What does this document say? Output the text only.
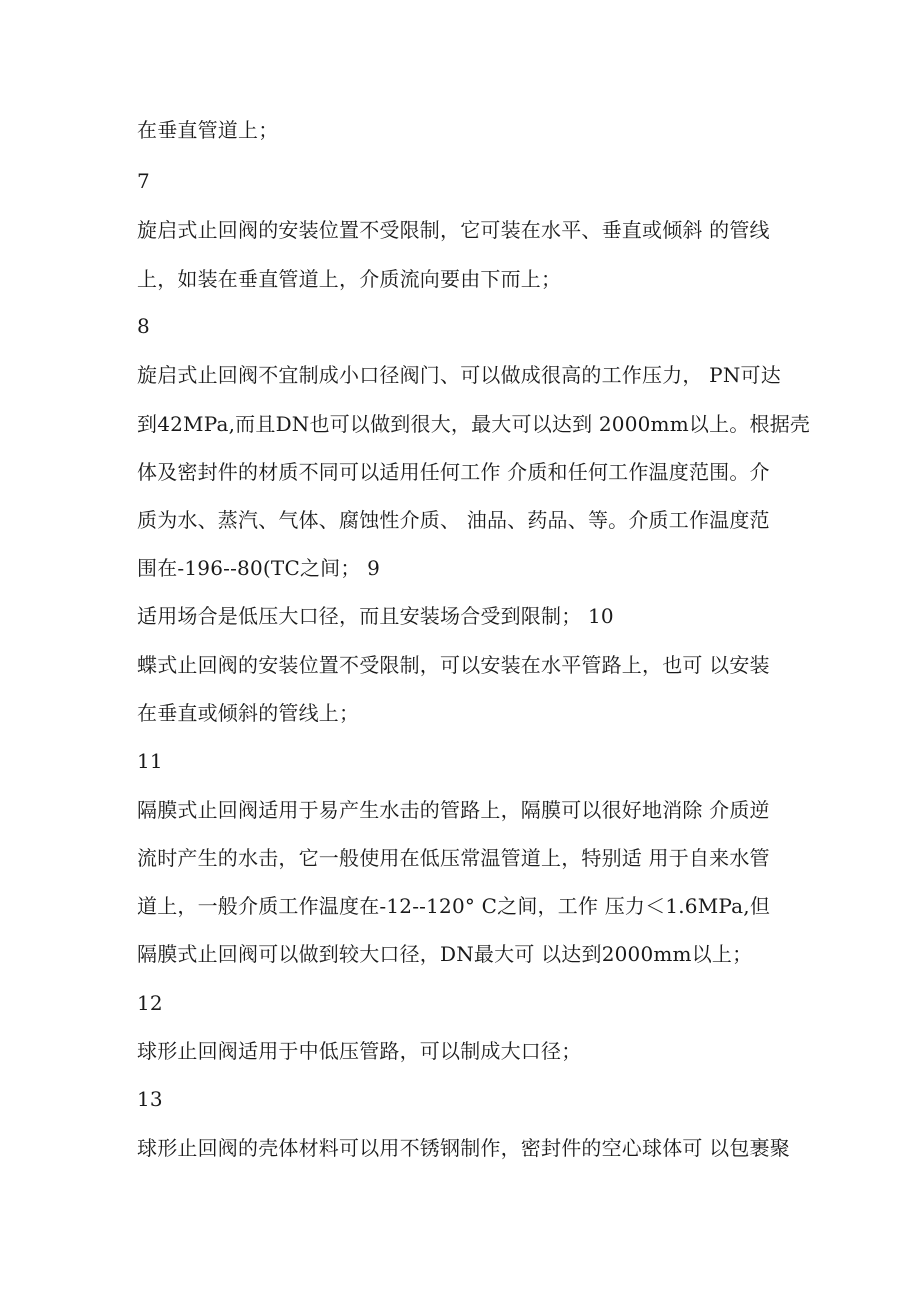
在垂直管道上；
7
旋启式止回阀的安装位置不受限制，它可装在水平、垂直或倾斜 的管线
上，如装在垂直管道上，介质流向要由下而上；
8
旋启式止回阀不宜制成小口径阀门、可以做成很高的工作压力， PN可达
到42MPa,而且DN也可以做到很大，最大可以达到 2000mm以上。根据壳
体及密封件的材质不同可以适用任何工作 介质和任何工作温度范围。介
质为水、蒸汽、气体、腐蚀性介质、 油品、药品、等。介质工作温度范
围在-196--80(TC之间； 9
适用场合是低压大口径，而且安装场合受到限制； 10
蝶式止回阀的安装位置不受限制，可以安装在水平管路上，也可 以安装
在垂直或倾斜的管线上；
11
隔膜式止回阀适用于易产生水击的管路上，隔膜可以很好地消除 介质逆
流时产生的水击，它一般使用在低压常温管道上，特别适 用于自来水管
道上，一般介质工作温度在-12--120° C之间，工作 压力＜1.6MPa,但
隔膜式止回阀可以做到较大口径，DN最大可 以达到2000mm以上；
12
球形止回阀适用于中低压管路，可以制成大口径；
13
球形止回阀的壳体材料可以用不锈钢制作，密封件的空心球体可 以包裹聚
